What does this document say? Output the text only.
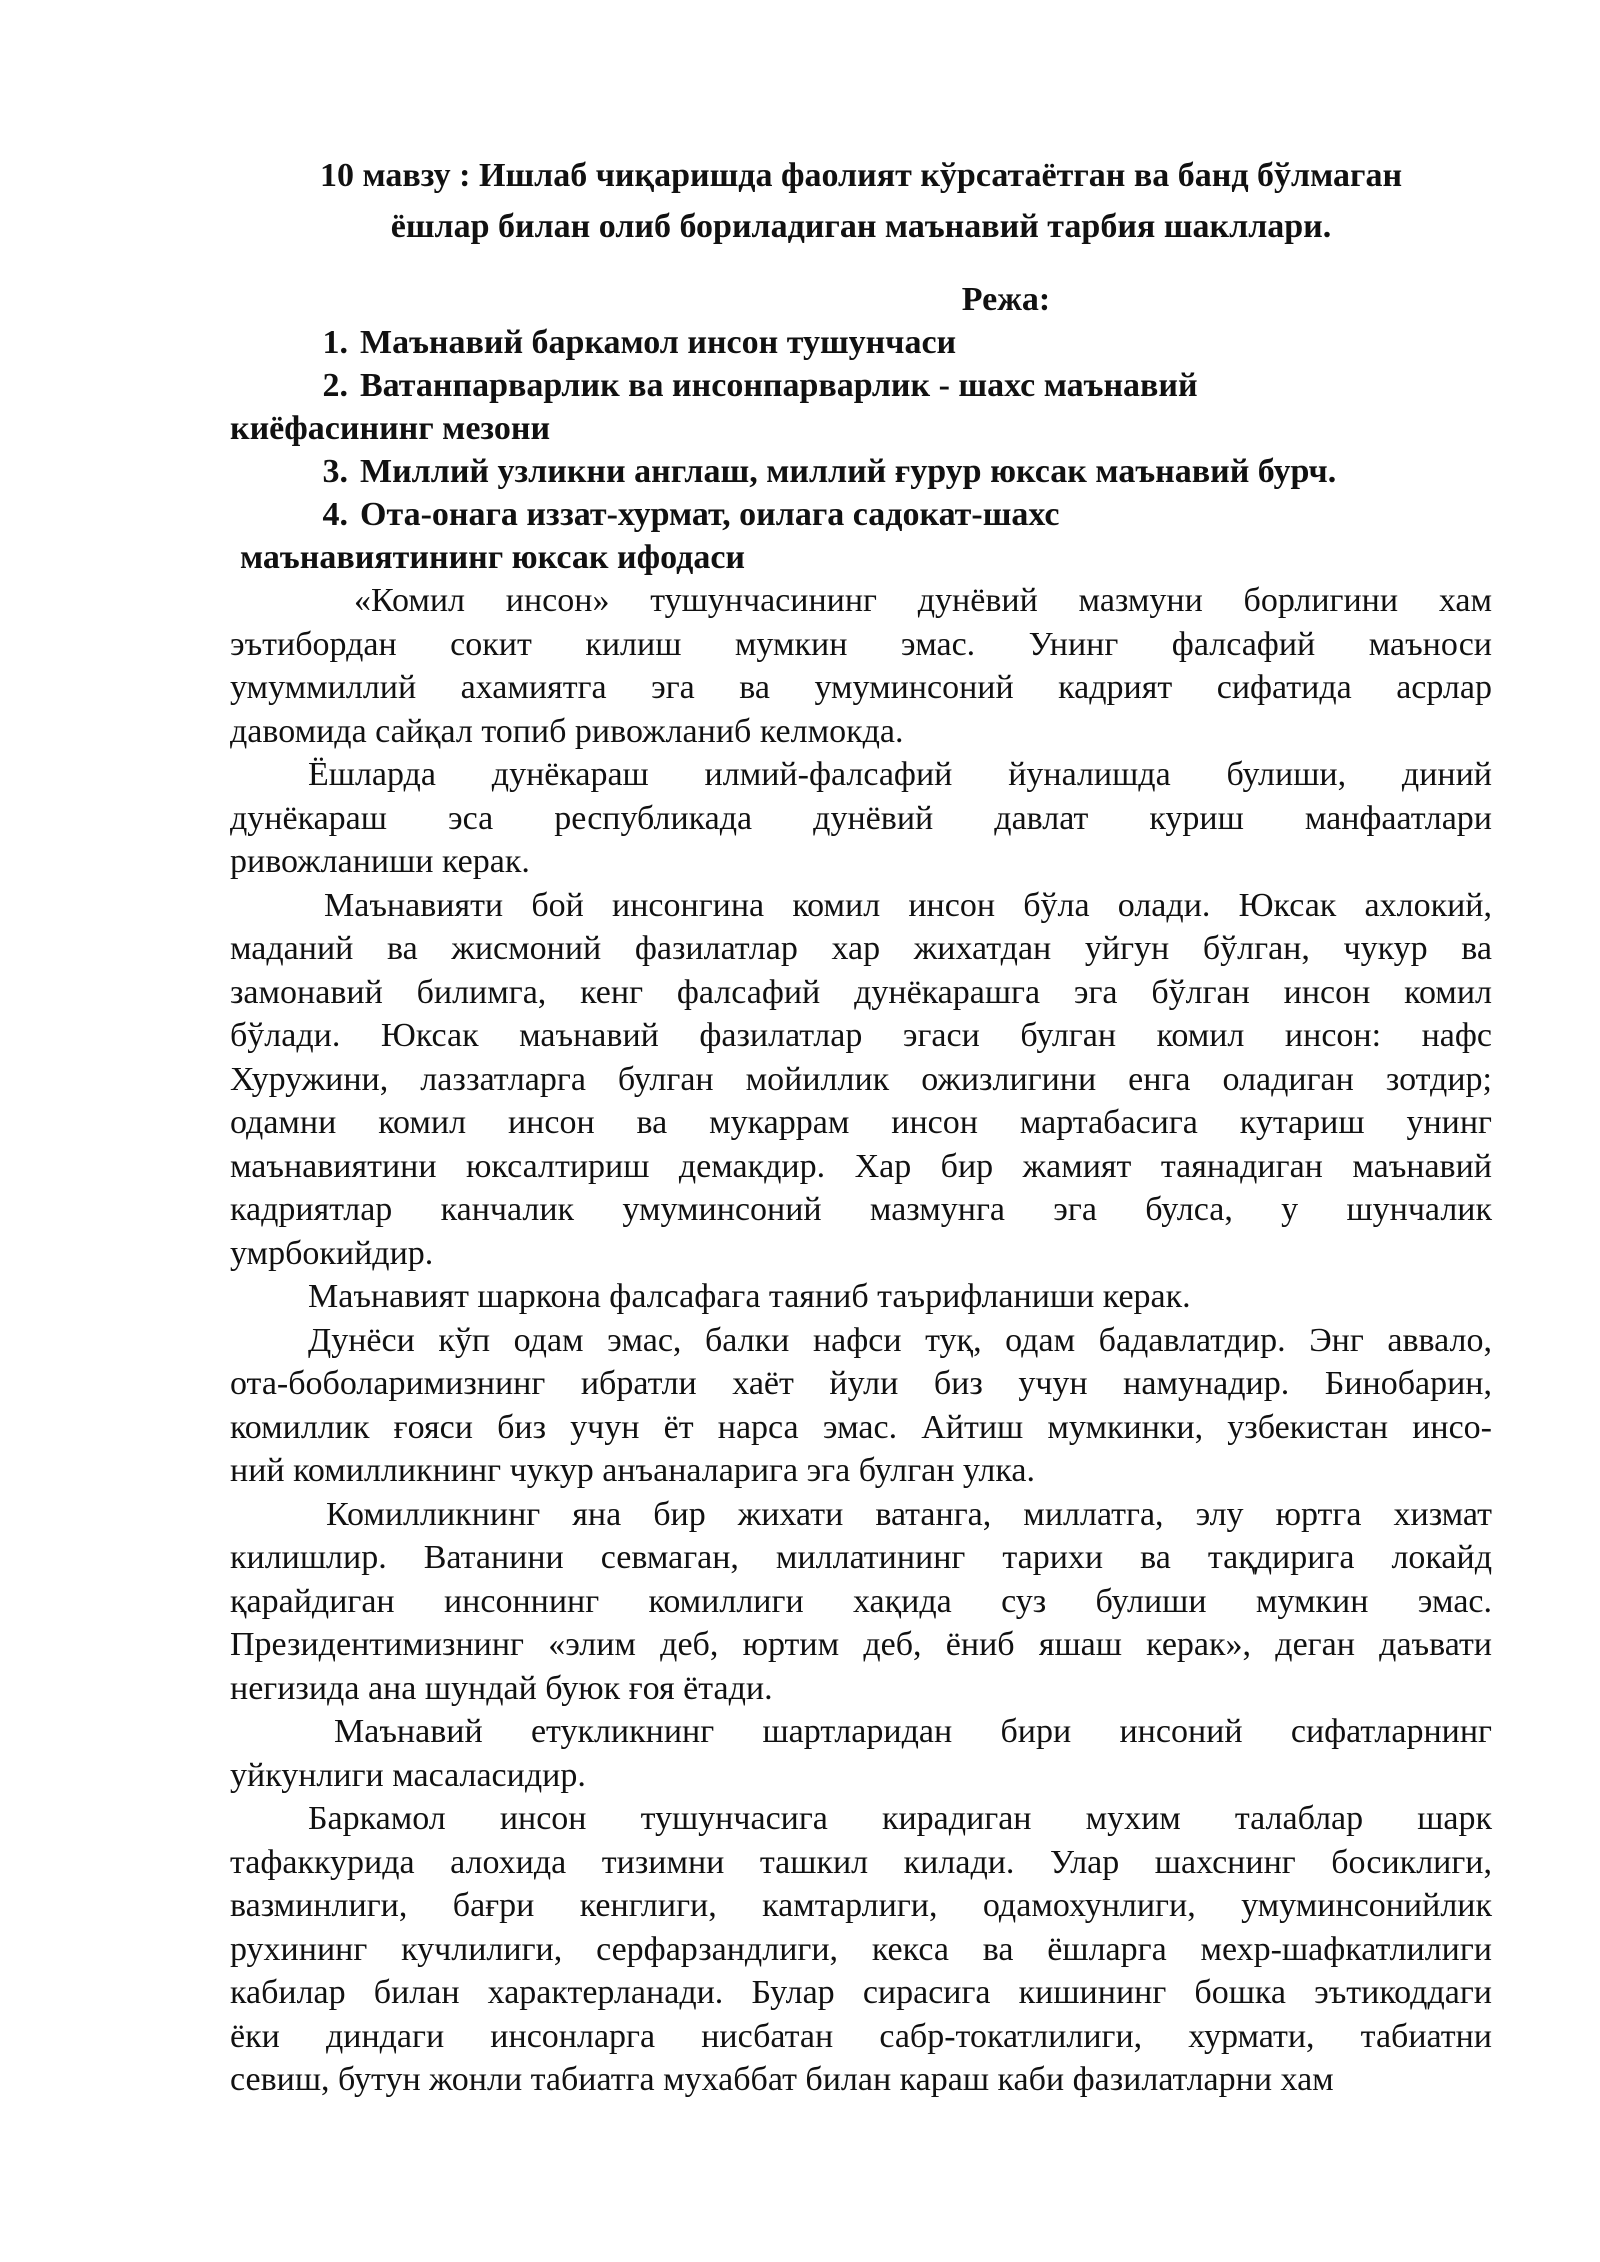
10 мавзу : Ишлаб чиқаришда фаолият кўрсатаётган ва банд бўлмаган
ёшлар билан олиб бориладиган маънавий тарбия шакллари.
Режа:
1. Маънавий баркамол инсон тушунчаси
2. Ватанпарварлик ва инсонпарварлик - шахс маънавий
киёфасининг мезони
3. Миллий узликни англаш, миллий ғурур юксак маънавий бурч.
4. Ота-онага иззат-хурмат, оилага садокат-шахс
маънавиятининг юксак ифодаси

«Комил инсон» тушунчасининг дунёвий мазмуни борлигини хам
эътибордан сокит килиш мумкин эмас. Унинг фалсафий маъноси
умуммиллий ахамиятга эга ва умуминсоний кадрият сифатида асрлар
давомида сайқал топиб ривожланиб келмокда.

Ёшларда дунёкараш илмий-фалсафий йуналишда булиши, диний
дунёкараш эса республикада дунёвий давлат куриш манфаатлари
ривожланиши керак.

Маънавияти бой инсонгина комил инсон бўла олади. Юксак ахлокий,
маданий ва жисмоний фазилатлар хар жихатдан уйгун бўлган, чукур ва
замонавий билимга, кенг фалсафий дунёкарашга эга бўлган инсон комил
бўлади. Юксак маънавий фазилатлар эгаси булган комил инсон: нафс
Хуружини, лаззатларга булган мойиллик ожизлигини енга оладиган зотдир;
одамни комил инсон ва мукаррам инсон мартабасига кутариш унинг
маънавиятини юксалтириш демакдир. Хар бир жамият таянадиган маънавий
кадриятлар канчалик умуминсоний мазмунга эга булса, у шунчалик
умрбокийдир.

Маънавият шаркона фалсафага таяниб таърифланиши керак.

Дунёси кўп одам эмас, балки нафси туқ, одам бадавлатдир. Энг аввало,
ота-боболаримизнинг ибратли хаёт йули биз учун намунадир. Бинобарин,
комиллик ғояси биз учун ёт нарса эмас. Айтиш мумкинки, узбекистан инсо-
ний комилликнинг чукур анъаналарига эга булган улка.

Комилликнинг яна бир жихати ватанга, миллатга, элу юртга хизмат
килишлир. Ватанини севмаган, миллатининг тарихи ва тақдирига локайд
қарайдиган инсоннинг комиллиги хақида суз булиши мумкин эмас.
Президентимизнинг «элим деб, юртим деб, ёниб яшаш керак», деган даъвати
негизида ана шундай буюк ғоя ётади.

Маънавий етукликнинг шартларидан бири инсоний сифатларнинг
уйкунлиги масаласидир.

Баркамол инсон тушунчасига кирадиган мухим талаблар шарк
тафаккурида алохида тизимни ташкил килади. Улар шахснинг босиклиги,
вазминлиги, бағри кенглиги, камтарлиги, одамохунлиги, умуминсонийлик
рухининг кучлилиги, серфарзандлиги, кекса ва ёшларга мехр-шафкатлилиги
кабилар билан характерланади. Булар сирасига кишининг бошка эътикоддаги
ёки диндаги инсонларга нисбатан сабр-токатлилиги, хурмати, табиатни
севиш, бутун жонли табиатга мухаббат билан караш каби фазилатларни хам
